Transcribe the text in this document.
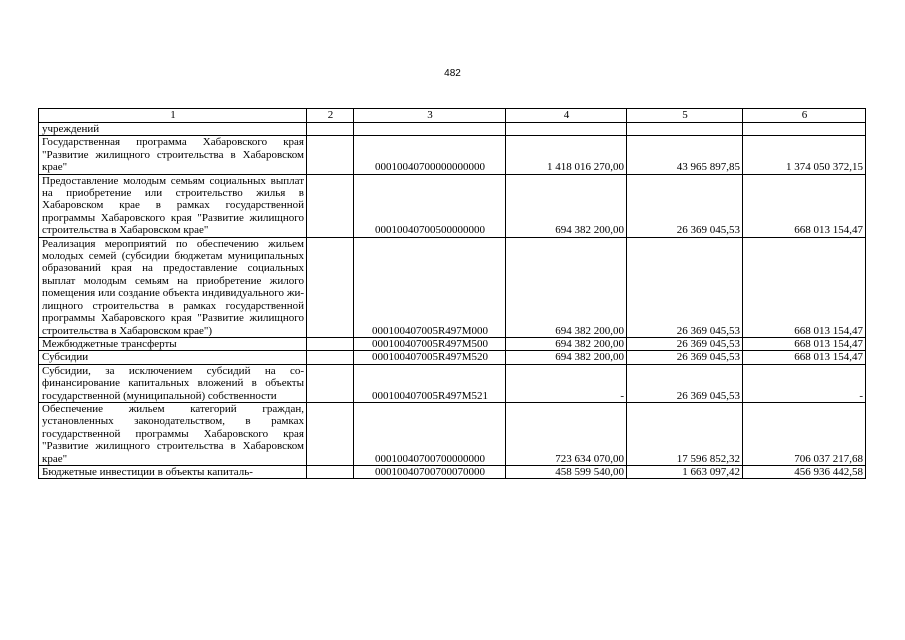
482
1	2	3	4	5	6
учреждений					
Государственная программа Хабаровского края "Развитие жилищного строительства в Хабаровском крае"		00010040700000000000	1 418 016 270,00	43 965 897,85	1 374 050 372,15
Предоставление молодым семьям социальных выплат на приобретение или строительство жилья в Хабаровском крае в рамках государственной программы Хабаровского края "Развитие жилищного строительства в Хабаровском крае"		00010040700500000000	694 382 200,00	26 369 045,53	668 013 154,47
Реализация мероприятий по обеспечению жильем молодых семей (субсидии бюджетам муниципальных образований края на предоставление социальных выплат молодым семьям на приобретение жилого помещения или создание объекта индивидуального жилищного строительства в рамках государственной программы Хабаровского края "Развитие жилищного строительства в Хабаровском крае")		000100407005R497M000	694 382 200,00	26 369 045,53	668 013 154,47
Межбюджетные трансферты		000100407005R497M500	694 382 200,00	26 369 045,53	668 013 154,47
Субсидии		000100407005R497M520	694 382 200,00	26 369 045,53	668 013 154,47
Субсидии, за исключением субсидий на софинансирование капитальных вложений в объекты государственной (муниципальной) собственности		000100407005R497M521	-	26 369 045,53	-
Обеспечение жильем категорий граждан, установленных законодательством, в рамках государственной программы Хабаровского края "Развитие жилищного строительства в Хабаровском крае"		00010040700700000000	723 634 070,00	17 596 852,32	706 037 217,68
Бюджетные инвестиции в объекты капиталь-		00010040700700070000	458 599 540,00	1 663 097,42	456 936 442,58
